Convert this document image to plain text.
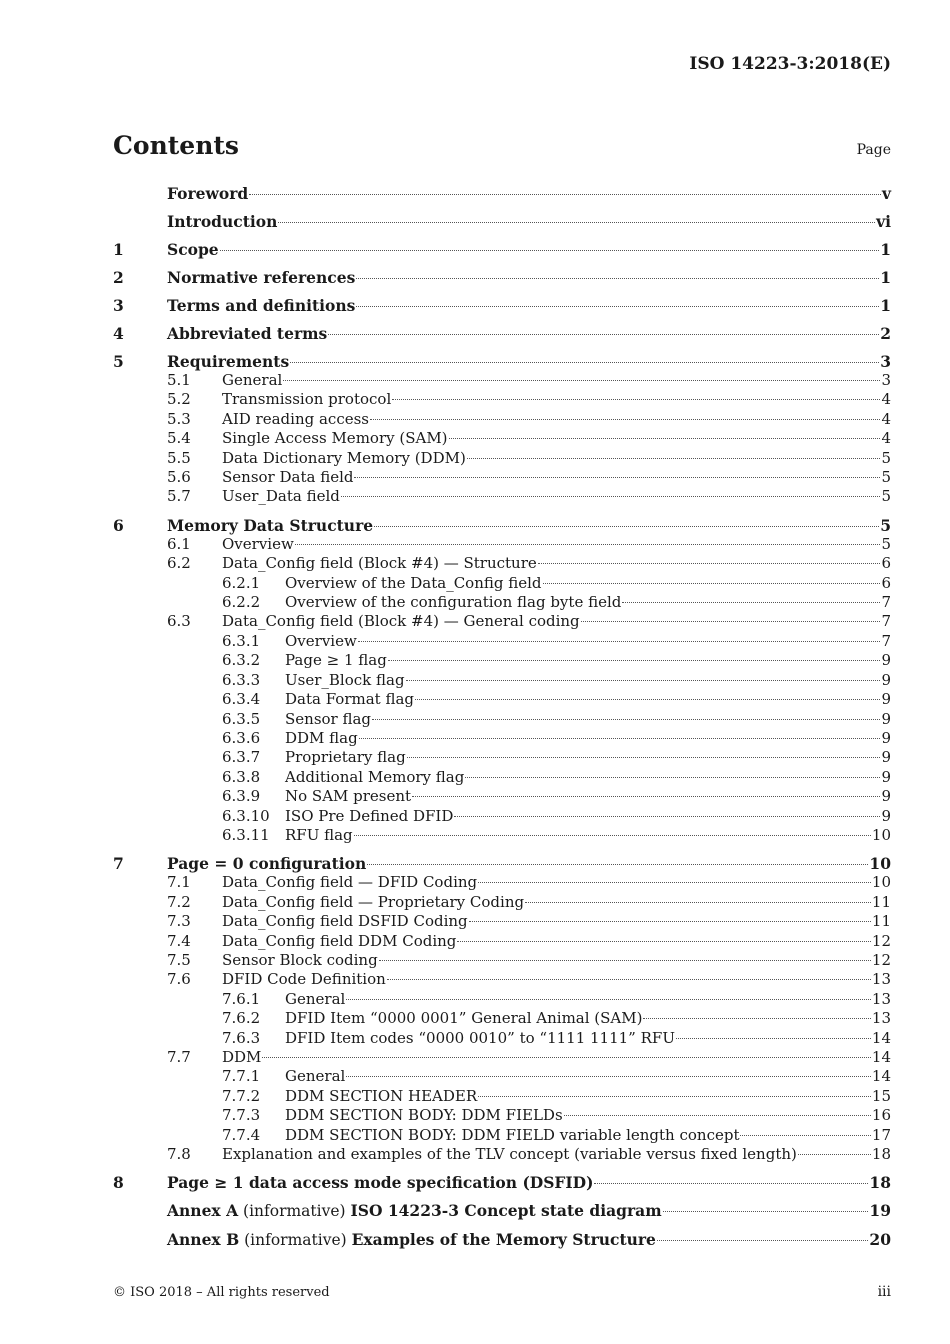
ISO 14223-3:2018(E)
Contents	Page
Foreword	v
Introduction	vi
1	Scope	1
2	Normative references	1
3	Terms and definitions	1
4	Abbreviated terms	2
5	Requirements	3
5.1	General	3
5.2	Transmission protocol	4
5.3	AID reading access	4
5.4	Single Access Memory (SAM)	4
5.5	Data Dictionary Memory (DDM)	5
5.6	Sensor Data field	5
5.7	User_Data field	5
6	Memory Data Structure	5
6.1	Overview	5
6.2	Data_Config field (Block #4) — Structure	6
6.2.1	Overview of the Data_Config field	6
6.2.2	Overview of the configuration flag byte field	7
6.3	Data_Config field (Block #4) — General coding	7
6.3.1	Overview	7
6.3.2	Page ≥ 1 flag	9
6.3.3	User_Block flag	9
6.3.4	Data Format flag	9
6.3.5	Sensor flag	9
6.3.6	DDM flag	9
6.3.7	Proprietary flag	9
6.3.8	Additional Memory flag	9
6.3.9	No SAM present	9
6.3.10	ISO Pre Defined DFID	9
6.3.11	RFU flag	10
7	Page = 0 configuration	10
7.1	Data_Config field — DFID Coding	10
7.2	Data_Config field — Proprietary Coding	11
7.3	Data_Config field DSFID Coding	11
7.4	Data_Config field DDM Coding	12
7.5	Sensor Block coding	12
7.6	DFID Code Definition	13
7.6.1	General	13
7.6.2	DFID Item “0000 0001” General Animal (SAM)	13
7.6.3	DFID Item codes “0000 0010” to “1111 1111” RFU	14
7.7	DDM	14
7.7.1	General	14
7.7.2	DDM SECTION HEADER	15
7.7.3	DDM SECTION BODY: DDM FIELDs	16
7.7.4	DDM SECTION BODY: DDM FIELD variable length concept	17
7.8	Explanation and examples of the TLV concept (variable versus fixed length)	18
8	Page ≥ 1 data access mode specification (DSFID)	18
Annex A (informative) ISO 14223-3 Concept state diagram	19
Annex B (informative) Examples of the Memory Structure	20
© ISO 2018 – All rights reserved	iii
